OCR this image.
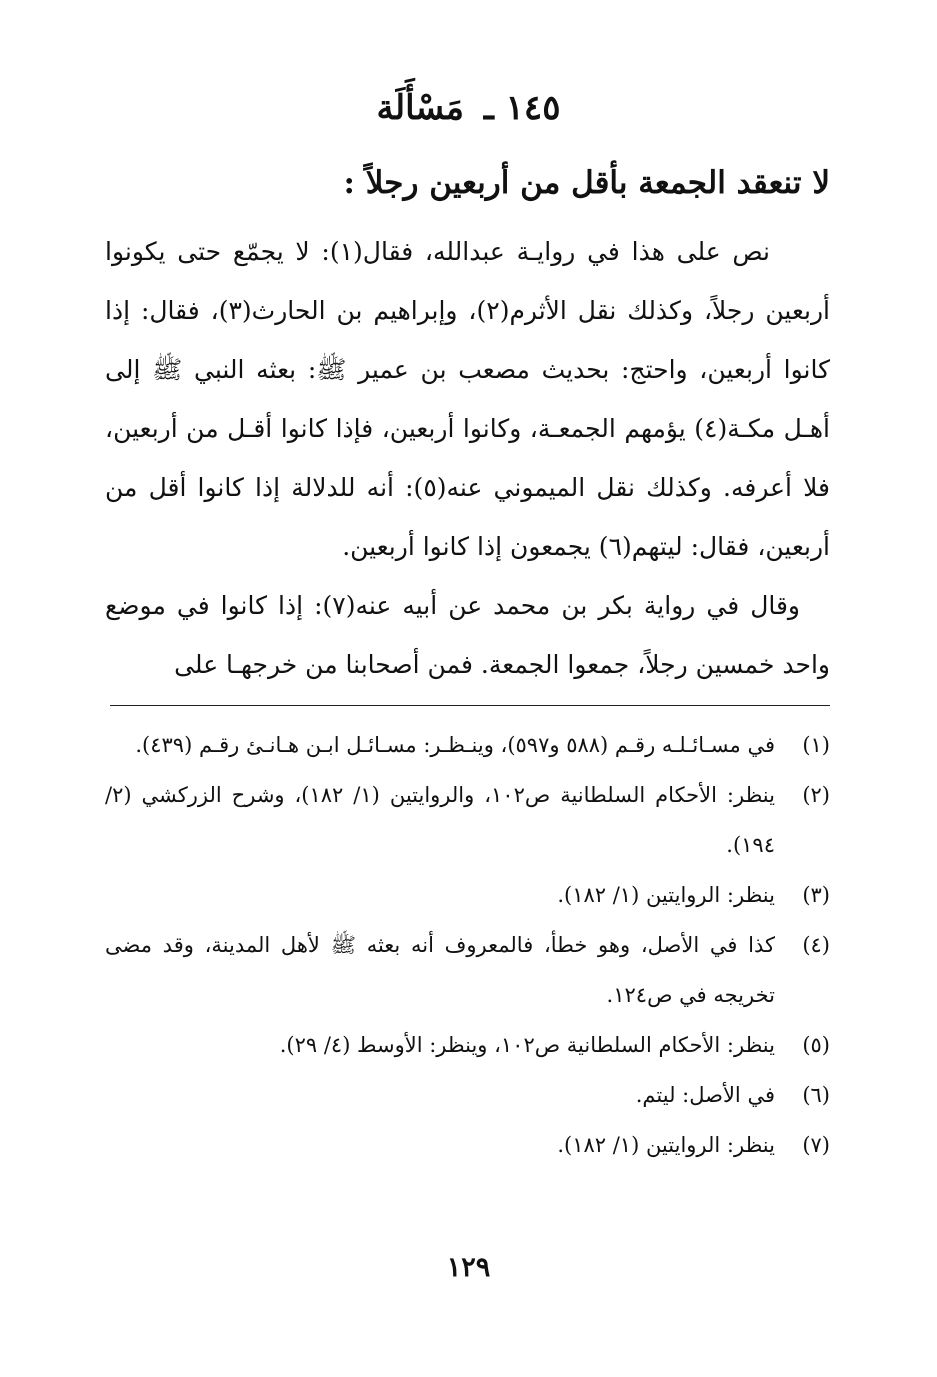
١٤٥ ـ مَسْأَلَة
لا تنعقد الجمعة بأقل من أربعين رجلاً :

نص على هذا في روايـة عبدالله، فقال(١): لا يجمّع حتى يكونوا أربعين رجلاً، وكذلك نقل الأثرم(٢)، وإبراهيم بن الحارث(٣)، فقال: إذا كانوا أربعين، واحتج: بحديث مصعب بن عمير ﷺ: بعثه النبي ﷺ إلى أهـل مكـة(٤) يؤمهم الجمعـة، وكانوا أربعين، فإذا كانوا أقـل من أربعين، فلا أعرفه. وكذلك نقل الميموني عنه(٥): أنه للدلالة إذا كانوا أقل من أربعين، فقال: ليتهم(٦) يجمعون إذا كانوا أربعين.

وقال في رواية بكر بن محمد عن أبيه عنه(٧): إذا كانوا في موضع واحد خمسين رجلاً، جمعوا الجمعة. فمن أصحابنا من خرجهـا على

(١)
في مسـائـلـه رقـم (٥٨٨ و٥٩٧)، وينـظـر: مسـائـل ابـن هـانـئ رقـم (٤٣٩).
(٢)
ينظر: الأحكام السلطانية ص١٠٢، والروايتين (١/ ١٨٢)، وشرح الزركشي (٢/ ١٩٤).
(٣)
ينظر: الروايتين (١/ ١٨٢).
(٤)
كذا في الأصل، وهو خطأ، فالمعروف أنه بعثه ﷺ لأهل المدينة، وقد مضى تخريجه في ص١٢٤.
(٥)
ينظر: الأحكام السلطانية ص١٠٢، وينظر: الأوسط (٤/ ٢٩).
(٦)
في الأصل: ليتم.
(٧)
ينظر: الروايتين (١/ ١٨٢).
١٢٩
